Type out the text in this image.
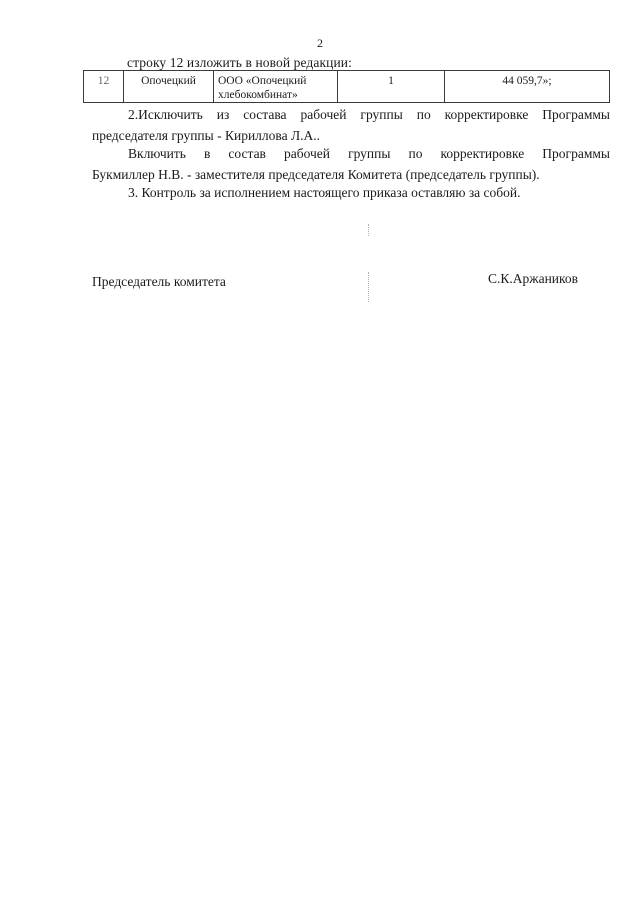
2
строку 12 изложить в новой редакции:
12	Опочецкий	ООО «Опочецкий хлебокомбинат»	1	44 059,7»;
2.Исключить из состава рабочей группы по корректировке Программы
председателя группы - Кириллова Л.А..
Включить в состав рабочей группы по корректировке Программы
Букмиллер Н.В. - заместителя председателя Комитета (председатель группы).
3. Контроль за исполнением настоящего приказа оставляю за собой.
Председатель комитета	С.К.Аржаников
